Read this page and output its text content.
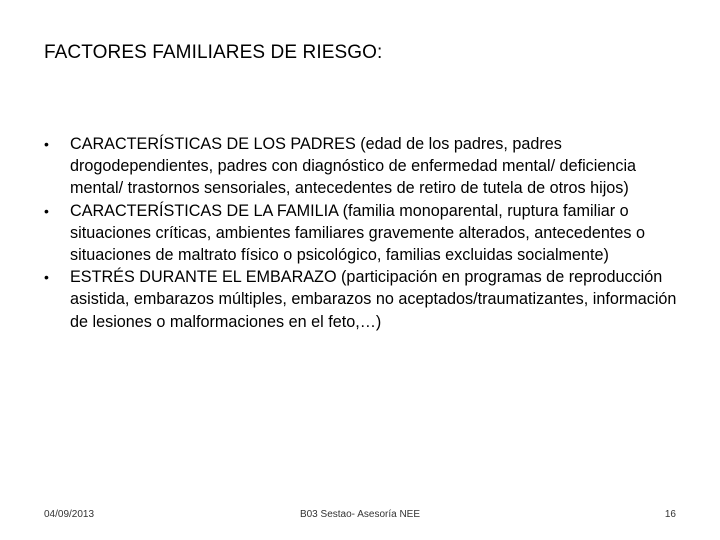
FACTORES FAMILIARES DE RIESGO:
•	CARACTERÍSTICAS DE LOS PADRES (edad de los padres, padres drogodependientes, padres con diagnóstico de enfermedad mental/ deficiencia mental/ trastornos sensoriales, antecedentes de retiro de tutela de otros hijos)
•	CARACTERÍSTICAS DE LA FAMILIA (familia monoparental, ruptura familiar o situaciones críticas, ambientes familiares gravemente alterados, antecedentes o situaciones de maltrato físico o psicológico, familias excluidas socialmente)
•	ESTRÉS DURANTE EL EMBARAZO (participación en programas de reproducción asistida, embarazos múltiples, embarazos no aceptados/traumatizantes, información de lesiones o malformaciones en el feto,…)
04/09/2013	B03 Sestao- Asesoría NEE	16
